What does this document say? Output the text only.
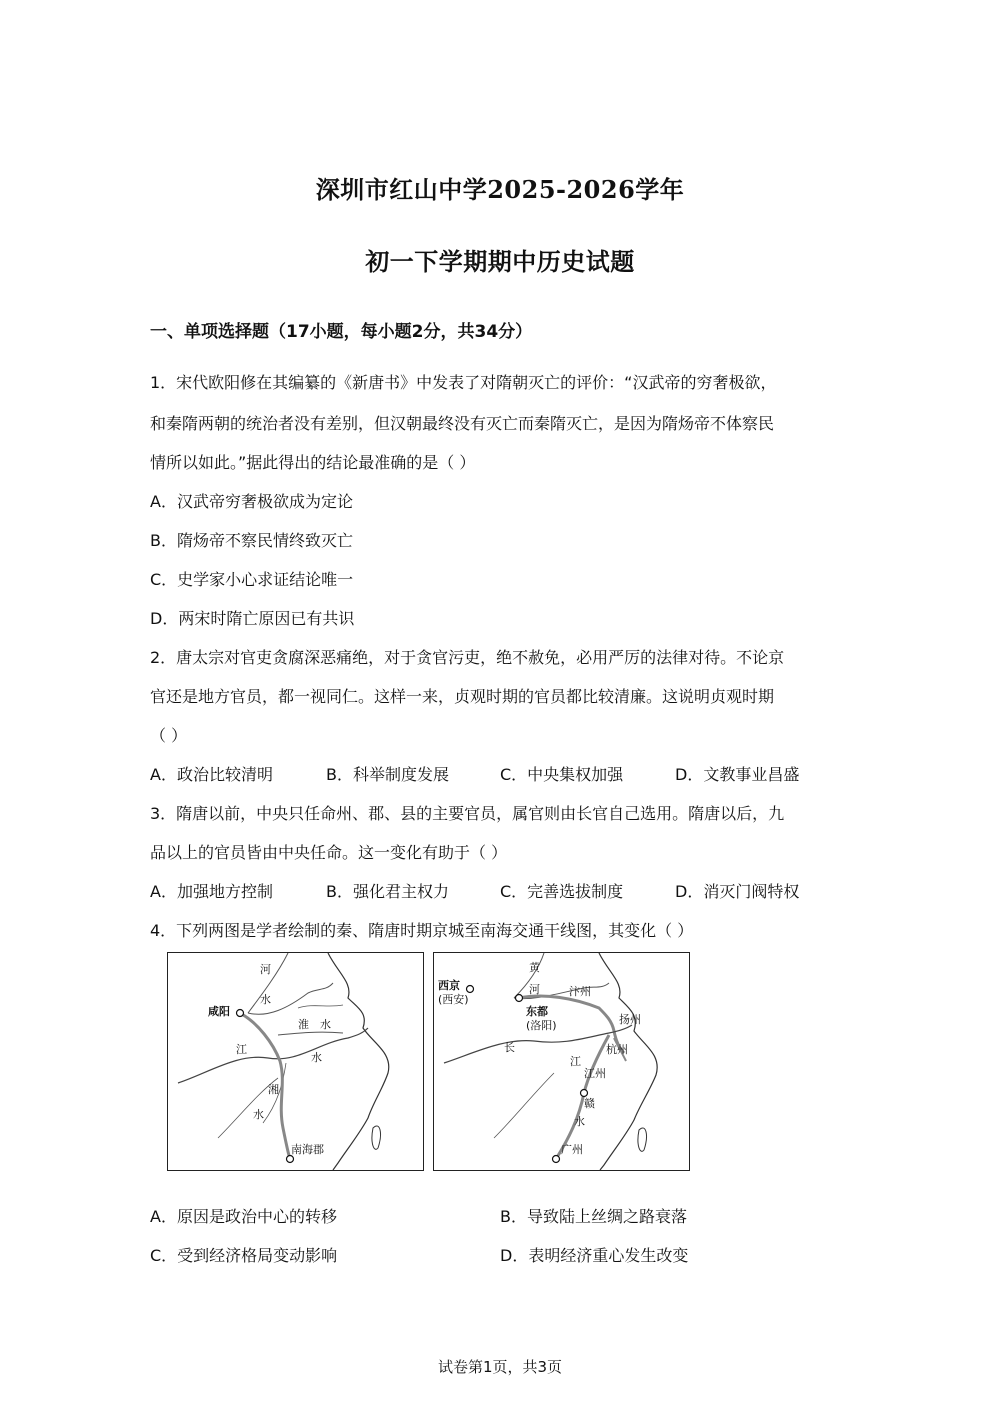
深圳市红山中学2025-2026学年
初一下学期期中历史试题
一、单项选择题（17小题，每小题2分，共34分）
1．宋代欧阳修在其编纂的《新唐书》中发表了对隋朝灭亡的评价：“汉武帝的穷奢极欲，
和秦隋两朝的统治者没有差别，但汉朝最终没有灭亡而秦隋灭亡，是因为隋炀帝不体察民
情所以如此。”据此得出的结论最准确的是（ ）
A．汉武帝穷奢极欲成为定论
B．隋炀帝不察民情终致灭亡
C．史学家小心求证结论唯一
D．两宋时隋亡原因已有共识
2．唐太宗对官吏贪腐深恶痛绝，对于贪官污吏，绝不赦免，必用严厉的法律对待。不论京
官还是地方官员，都一视同仁。这样一来，贞观时期的官员都比较清廉。这说明贞观时期
（ ）
A．政治比较清明	B．科举制度发展	C．中央集权加强	D．文教事业昌盛
3．隋唐以前，中央只任命州、郡、县的主要官员，属官则由长官自己选用。隋唐以后，九
品以上的官员皆由中央任命。这一变化有助于（ ）
A．加强地方控制	B．强化君主权力	C．完善选拔制度	D．消灭门阀特权
4．下列两图是学者绘制的秦、隋唐时期京城至南海交通干线图，其变化（ ）
咸阳
河
水
淮 水
江
水
湘
水
南海郡
黄
河
西京
(西安)
东都
(洛阳)
汴州
扬州
杭州
长
江
江州
赣
水
广州
A．原因是政治中心的转移	B．导致陆上丝绸之路衰落
C．受到经济格局变动影响	D．表明经济重心发生改变
试卷第1页，共3页
